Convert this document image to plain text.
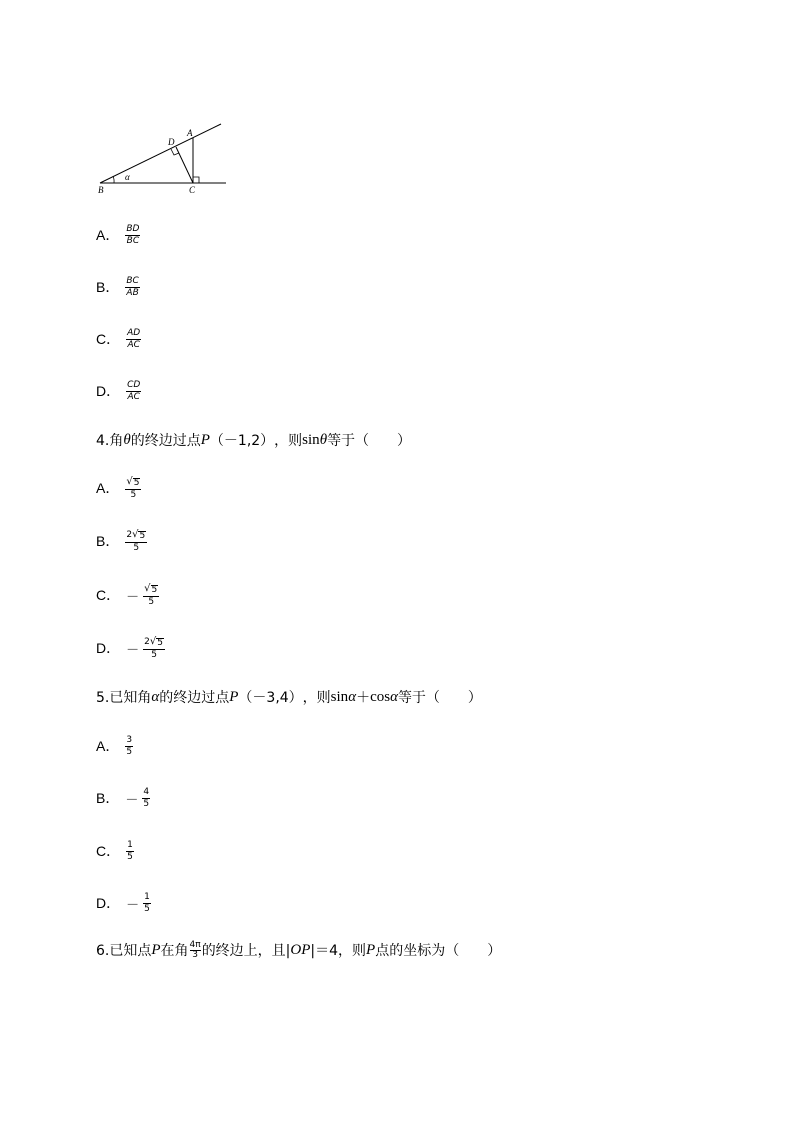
A
B	C
D
α
A． $\frac{BD}{BC}$
B． $\frac{BC}{AB}$
C． $\frac{AD}{AC}$
D． $\frac{CD}{AC}$
4.角 θ 的终边过点 P （－1,2） ，则 sin θ 等于（　　）
A． $\frac{√ 5}{5}$
B． $\frac{2 √ 5}{5}$
C． － $\frac{√ 5}{5}$
D． － $\frac{2 √ 5}{5}$
5.已知角 α 的终边过点 P （－3,4） ，则 sin α ＋ cos α 等于（　　）
A． $\frac{3}{5}$
B． － $\frac{4}{5}$
C． $\frac{1}{5}$
D． － $\frac{1}{5}$
6.已知点 P 在角 4π
3 的终边上，且| OP |＝4，则 P 点的坐标为（　　）
